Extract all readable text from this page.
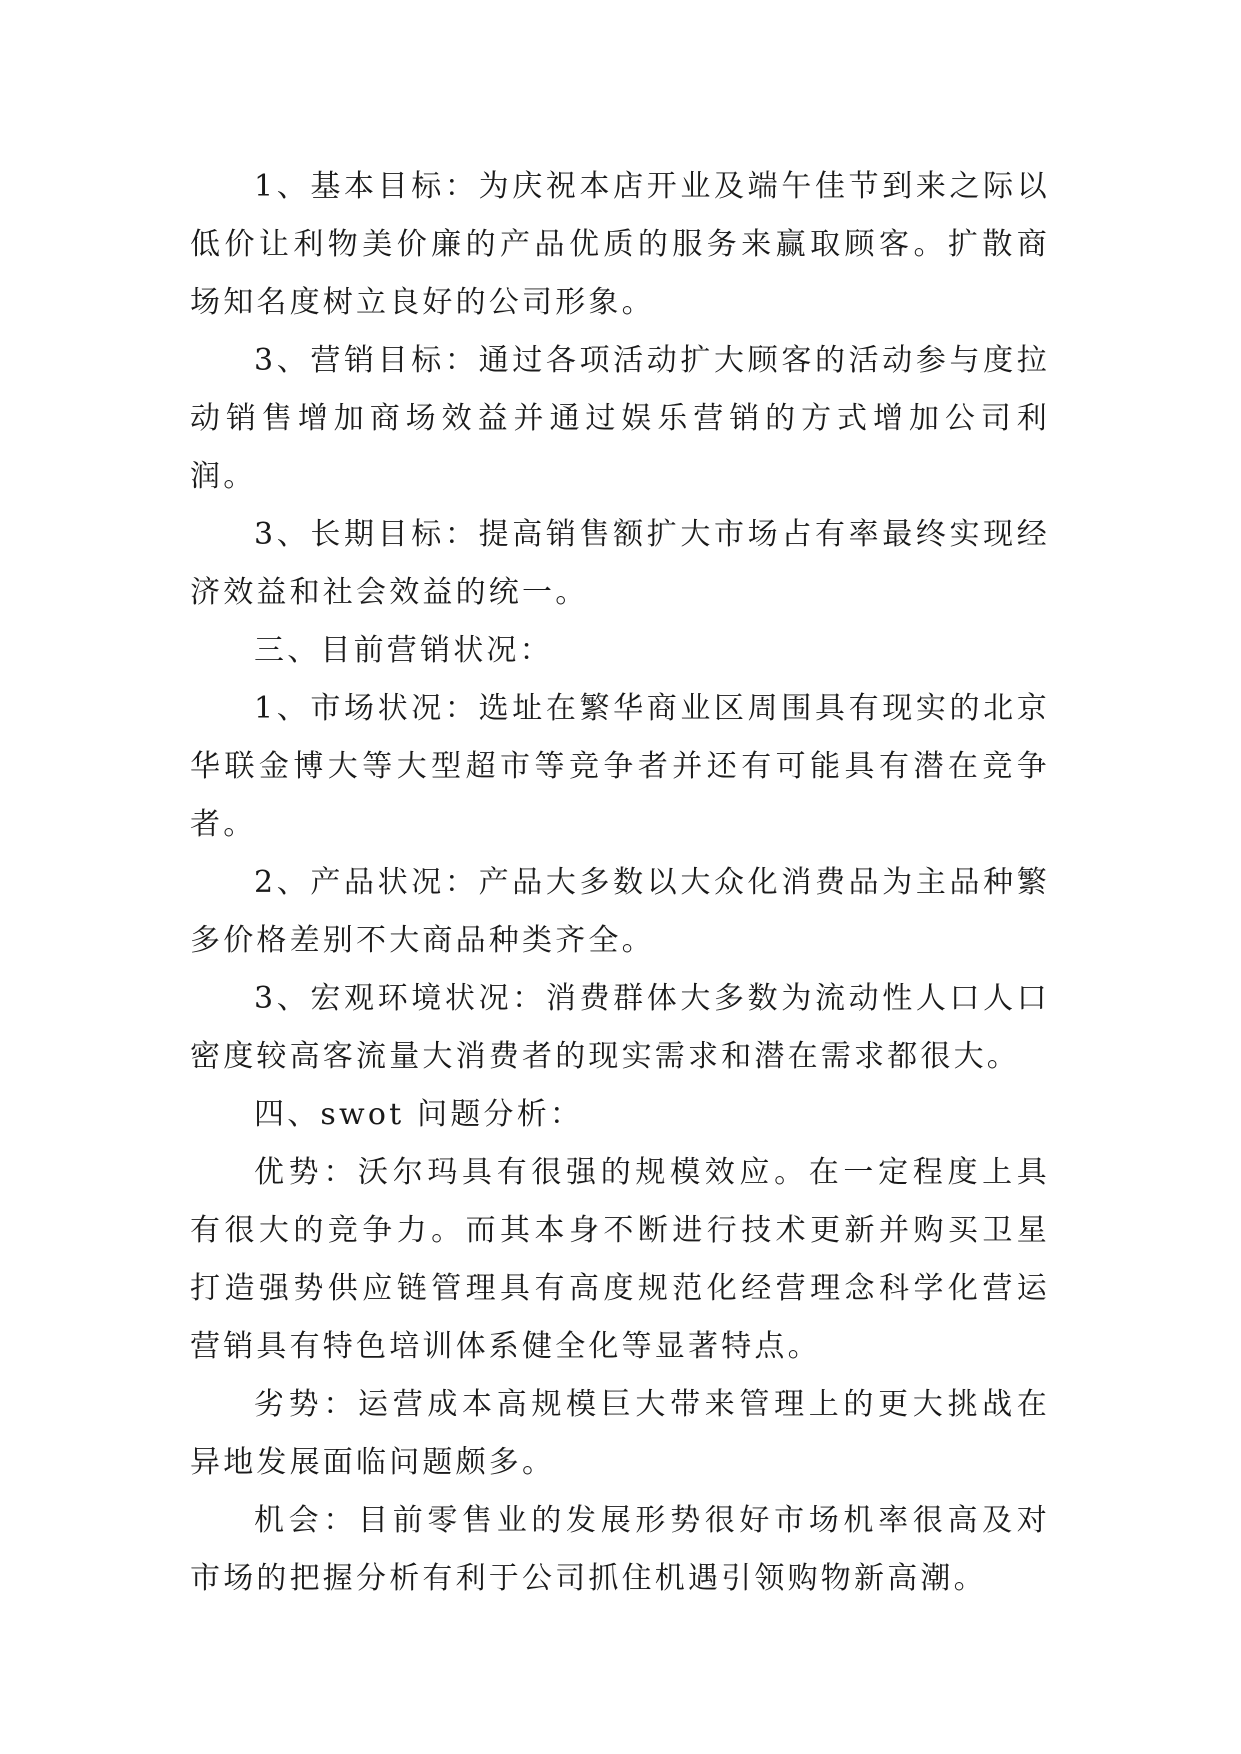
1、基本目标：为庆祝本店开业及端午佳节到来之际以低价让利物美价廉的产品优质的服务来赢取顾客。扩散商场知名度树立良好的公司形象。

3、营销目标：通过各项活动扩大顾客的活动参与度拉动销售增加商场效益并通过娱乐营销的方式增加公司利润。

3、长期目标：提高销售额扩大市场占有率最终实现经济效益和社会效益的统一。

三、目前营销状况：

1、市场状况：选址在繁华商业区周围具有现实的北京华联金博大等大型超市等竞争者并还有可能具有潜在竞争者。

2、产品状况：产品大多数以大众化消费品为主品种繁多价格差别不大商品种类齐全。

3、宏观环境状况：消费群体大多数为流动性人口人口密度较高客流量大消费者的现实需求和潜在需求都很大。

四、swot 问题分析：

优势：沃尔玛具有很强的规模效应。在一定程度上具有很大的竞争力。而其本身不断进行技术更新并购买卫星打造强势供应链管理具有高度规范化经营理念科学化营运营销具有特色培训体系健全化等显著特点。

劣势：运营成本高规模巨大带来管理上的更大挑战在异地发展面临问题颇多。

机会：目前零售业的发展形势很好市场机率很高及对市场的把握分析有利于公司抓住机遇引领购物新高潮。
